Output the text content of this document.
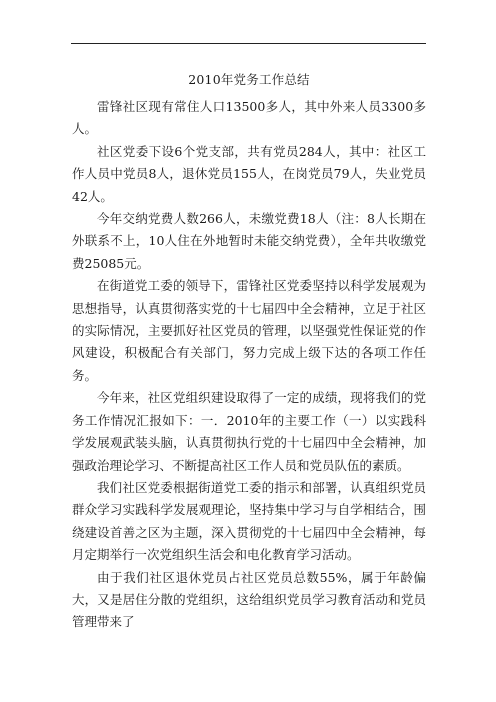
2010年党务工作总结

雷锋社区现有常住人口13500多人，其中外来人员3300多人。

社区党委下设6个党支部，共有党员284人，其中：社区工作人员中党员8人，退休党员155人，在岗党员79人，失业党员42人。

今年交纳党费人数266人，未缴党费18人（注：8人长期在外联系不上，10人住在外地暂时未能交纳党费），全年共收缴党费25085元。

在街道党工委的领导下，雷锋社区党委坚持以科学发展观为思想指导，认真贯彻落实党的十七届四中全会精神，立足于社区的实际情况，主要抓好社区党员的管理，以坚强党性保证党的作风建设，积极配合有关部门，努力完成上级下达的各项工作任务。

今年来，社区党组织建设取得了一定的成绩，现将我们的党务工作情况汇报如下：一．2010年的主要工作（一）以实践科学发展观武装头脑，认真贯彻执行党的十七届四中全会精神，加强政治理论学习、不断提高社区工作人员和党员队伍的素质。

我们社区党委根据街道党工委的指示和部署，认真组织党员群众学习实践科学发展观理论，坚持集中学习与自学相结合，围绕建设首善之区为主题，深入贯彻党的十七届四中全会精神，每月定期举行一次党组织生活会和电化教育学习活动。

由于我们社区退休党员占社区党员总数55%，属于年龄偏大，又是居住分散的党组织，这给组织党员学习教育活动和党员管理带来了
